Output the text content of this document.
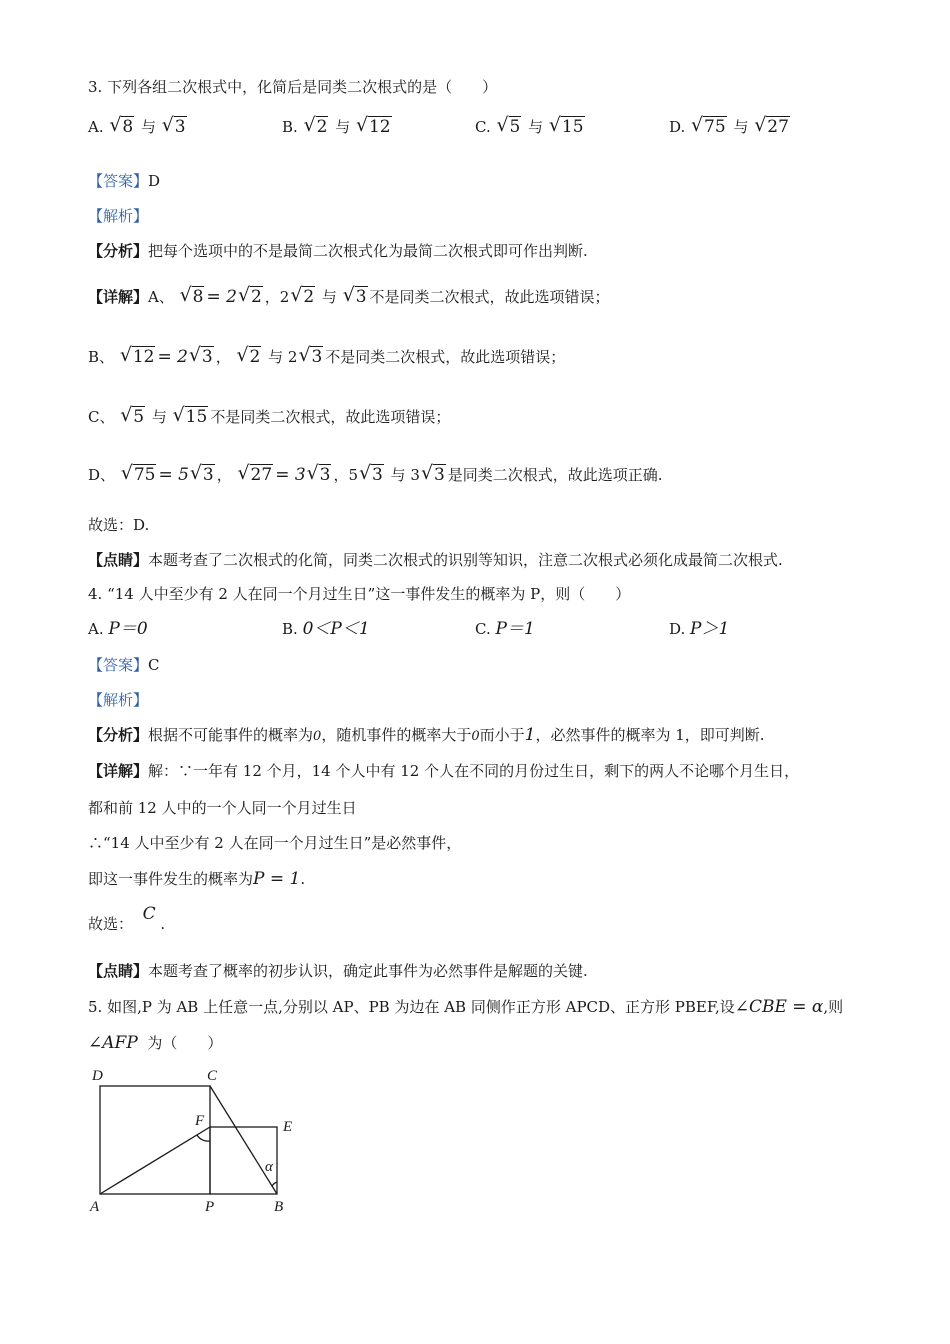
3. 下列各组二次根式中，化简后是同类二次根式的是（　　）
A. √ 8 与 √ 3	B. √ 2 与 √ 12	C. √ 5 与 √ 15	D. √ 75 与 √ 27
【答案】D
【解析】
【分析】把每个选项中的不是最简二次根式化为最简二次根式即可作出判断.
【详解】A、 √ 8 = 2 √ 2 ，2 √ 2 与 √ 3 不是同类二次根式，故此选项错误；
B、 √ 12 = 2 √ 3 ， √ 2 与 2 √ 3 不是同类二次根式，故此选项错误；
C、 √ 5 与 √ 15 不是同类二次根式，故此选项错误；
D、 √ 75 = 5 √ 3 ， √ 27 = 3 √ 3 ，5 √ 3 与 3 √ 3 是同类二次根式，故此选项正确.
故选：D.
【点睛】本题考查了二次根式的化简，同类二次根式的识别等知识，注意二次根式必须化成最简二次根式.
4. “14 人中至少有 2 人在同一个月过生日”这一事件发生的概率为 P，则（　　）
A. P＝0	B. 0＜P＜1	C. P＝1	D. P＞1
【答案】C
【解析】
【分析】根据不可能事件的概率为0，随机事件的概率大于0而小于1，必然事件的概率为 1，即可判断.
【详解】解：∵一年有 12 个月，14 个人中有 12 个人在不同的月份过生日，剩下的两人不论哪个月生日，
都和前 12 人中的一个人同一个月过生日
∴“14 人中至少有 2 人在同一个月过生日”是必然事件，
即这一事件发生的概率为P = 1.
故选： C .
【点睛】本题考查了概率的初步认识，确定此事件为必然事件是解题的关键.
5. 如图,P 为 AB 上任意一点,分别以 AP、PB 为边在 AB 同侧作正方形 APCD、正方形 PBEF,设∠CBE = α,则
∠AFP 为（　　）
D	C
F	E
α
A	P	B
